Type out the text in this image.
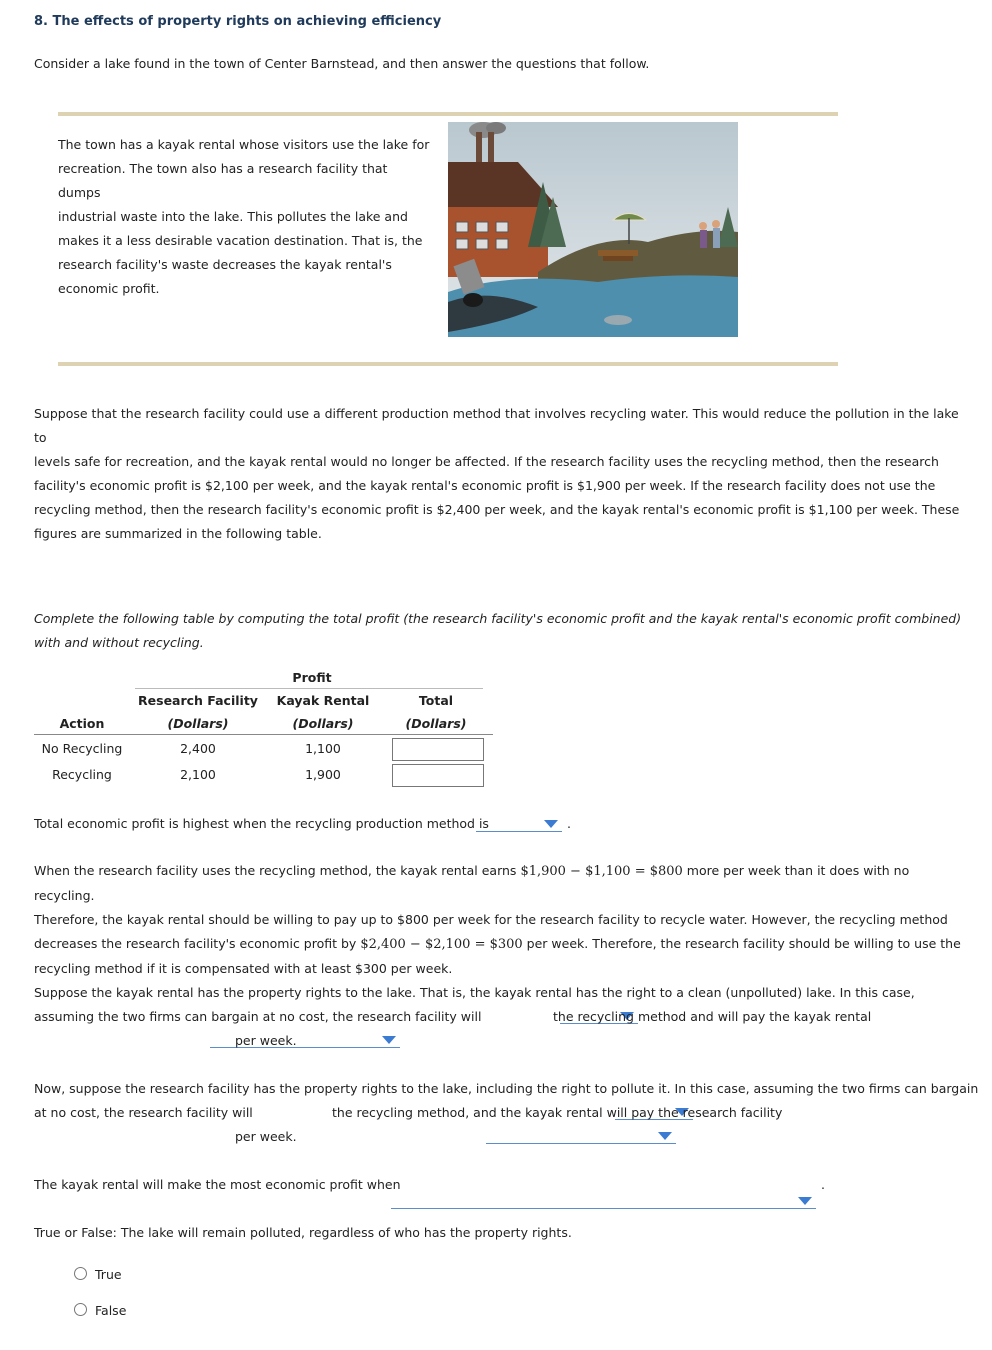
8. The effects of property rights on achieving efficiency
Consider a lake found in the town of Center Barnstead, and then answer the questions that follow.
The town has a kayak rental whose visitors use the lake for
recreation. The town also has a research facility that dumps
industrial waste into the lake. This pollutes the lake and
makes it a less desirable vacation destination. That is, the
research facility's waste decreases the kayak rental's
economic profit.
Suppose that the research facility could use a different production method that involves recycling water. This would reduce the pollution in the lake to
levels safe for recreation, and the kayak rental would no longer be affected. If the research facility uses the recycling method, then the research
facility's economic profit is $2,100 per week, and the kayak rental's economic profit is $1,900 per week. If the research facility does not use the
recycling method, then the research facility's economic profit is $2,400 per week, and the kayak rental's economic profit is $1,100 per week. These
figures are summarized in the following table.
Complete the following table by computing the total profit (the research facility's economic profit and the kayak rental's economic profit combined)
with and without recycling.
Profit
Research Facility	Kayak Rental	Total
Action	(Dollars)	(Dollars)	(Dollars)
No Recycling	2,400	1,100
Recycling	2,100	1,900
Total economic profit is highest when the recycling production method is
	.
When the research facility uses the recycling method, the kayak rental earns $1,900 − $1,100 = $800 more per week than it does with no recycling.
Therefore, the kayak rental should be willing to pay up to $800 per week for the research facility to recycle water. However, the recycling method
decreases the research facility's economic profit by $2,400 − $2,100 = $300 per week. Therefore, the research facility should be willing to use the
recycling method if it is compensated with at least $300 per week.
Suppose the kayak rental has the property rights to the lake. That is, the kayak rental has the right to a clean (unpolluted) lake. In this case,
assuming the two firms can bargain at no cost, the research facility will
	the recycling method and will pay the kayak rental

per week.
Now, suppose the research facility has the property rights to the lake, including the right to pollute it. In this case, assuming the two firms can bargain
at no cost, the research facility will
	the recycling method, and the kayak rental will pay the research facility

per week.
The kayak rental will make the most economic profit when	.
True or False: The lake will remain polluted, regardless of who has the property rights.
True
False
